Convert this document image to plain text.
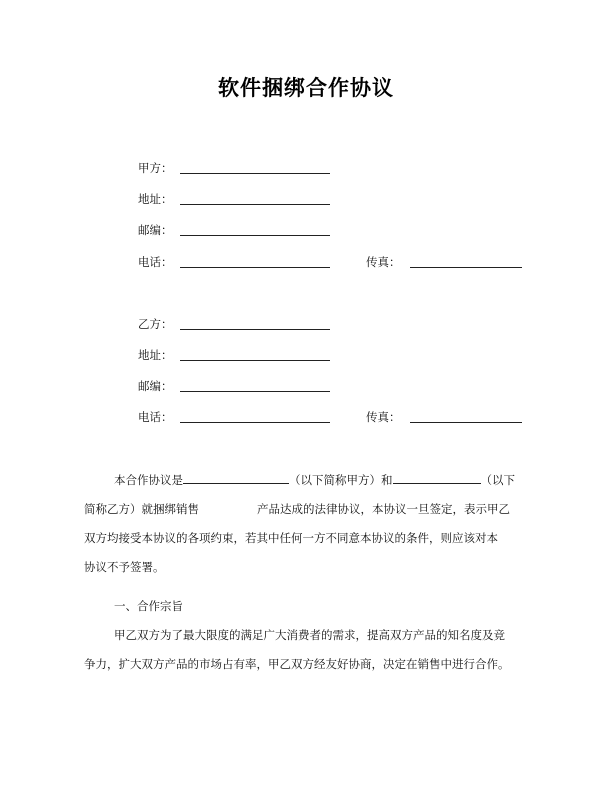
软件捆绑合作协议
甲方：
地址：
邮编：
电话：	传真：
乙方：
地址：
邮编：
电话：	传真：
本合作协议是	（以下简称甲方）和	（以下
简称乙方）就捆绑销售	产品达成的法律协议，本协议一旦签定，表示甲乙
双方均接受本协议的各项约束，若其中任何一方不同意本协议的条件，则应该对本
协议不予签署。
一、合作宗旨
甲乙双方为了最大限度的满足广大消费者的需求，提高双方产品的知名度及竞
争力，扩大双方产品的市场占有率，甲乙双方经友好协商，决定在销售中进行合作。
